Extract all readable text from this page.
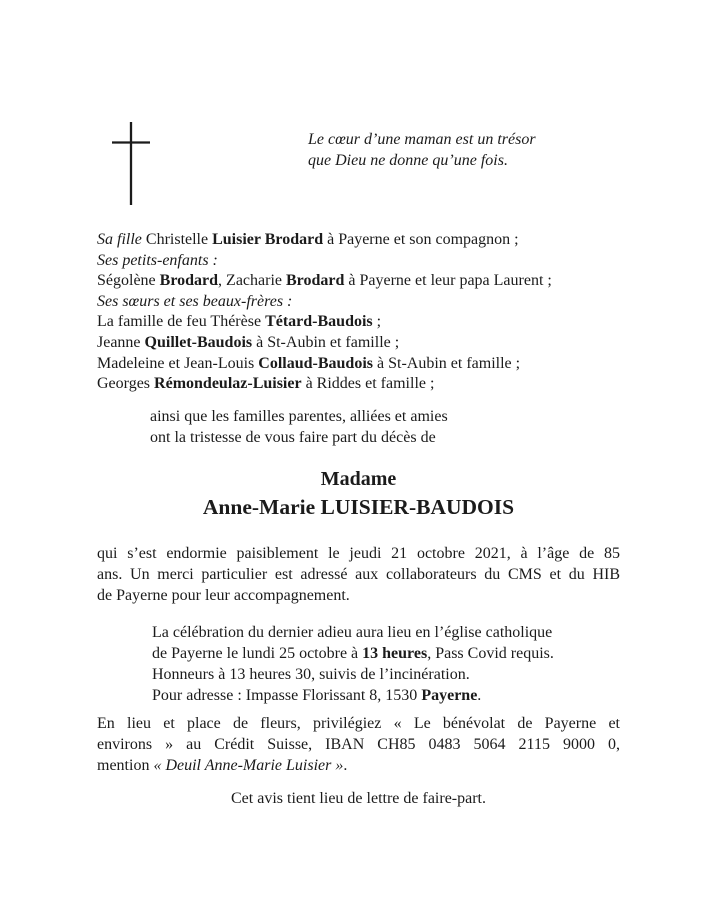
Le cœur d’une maman est un trésor
que Dieu ne donne qu’une fois.
Sa fille Christelle Luisier Brodard à Payerne et son compagnon ;
Ses petits-enfants :
Ségolène Brodard, Zacharie Brodard à Payerne et leur papa Laurent ;
Ses sœurs et ses beaux-frères :
La famille de feu Thérèse Tétard-Baudois ;
Jeanne Quillet-Baudois à St-Aubin et famille ;
Madeleine et Jean-Louis Collaud-Baudois à St-Aubin et famille ;
Georges Rémondeulaz-Luisier à Riddes et famille ;
ainsi que les familles parentes, alliées et amies
ont la tristesse de vous faire part du décès de
Madame
Anne-Marie LUISIER-BAUDOIS
qui s’est endormie paisiblement le jeudi 21 octobre 2021, à l’âge de 85
ans. Un merci particulier est adressé aux collaborateurs du CMS et du HIB
de Payerne pour leur accompagnement.
La célébration du dernier adieu aura lieu en l’église catholique
de Payerne le lundi 25 octobre à 13 heures, Pass Covid requis.
Honneurs à 13 heures 30, suivis de l’incinération.
Pour adresse : Impasse Florissant 8, 1530 Payerne.
En lieu et place de fleurs, privilégiez « Le bénévolat de Payerne et
environs » au Crédit Suisse, IBAN CH85 0483 5064 2115 9000 0,
mention « Deuil Anne-Marie Luisier ».
Cet avis tient lieu de lettre de faire-part.
